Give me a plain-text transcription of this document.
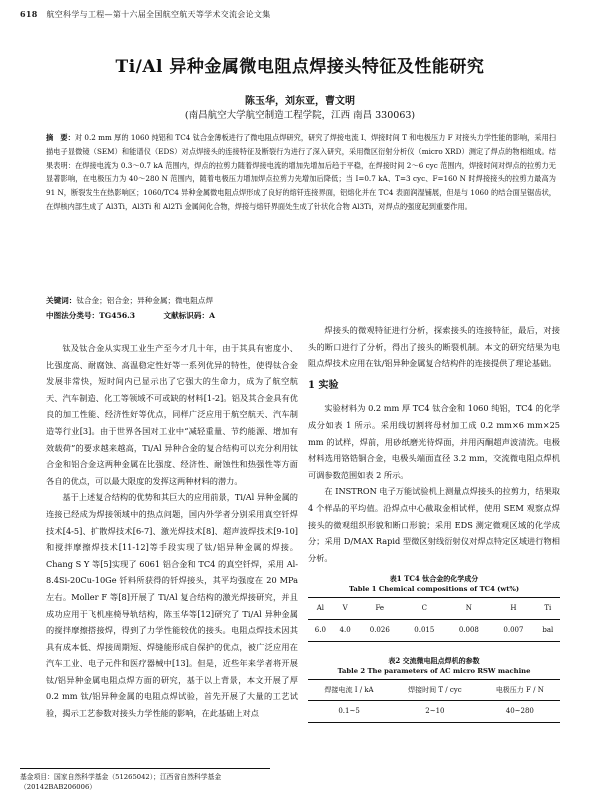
618 航空科学与工程—第十六届全国航空航天等学术交流会论文集
Ti/Al 异种金属微电阻点焊接头特征及性能研究
陈玉华，刘东亚，曹文明
(南昌航空大学航空制造工程学院，江西 南昌 330063)
摘　要：对 0.2 mm 厚的 1060 纯铝和 TC4 钛合金薄板进行了微电阻点焊研究，研究了焊接电流 I、焊接时间 T 和电极压力 F 对接头力学性能的影响，采用扫描电子显微镜（SEM）和能谱仪（EDS）对点焊接头的连接特征及断裂行为进行了深入研究，采用微区衍射分析仪（micro XRD）测定了焊点的物相组成。结果表明：在焊接电流为 0.3～0.7 kA 范围内，焊点的拉剪力随着焊接电流的增加先增加后趋于平稳，在焊接时间 2～6 cyc 范围内，焊接时间对焊点的拉剪力无显著影响，在电极压力为 40～280 N 范围内，随着电极压力增加焊点拉剪力先增加后降低；当 I=0.7 kA、T=3 cyc、F=160 N 时焊接接头的拉剪力最高为 91 N，断裂发生在热影响区；1060/TC4 异种金属微电阻点焊形成了良好的熔钎连接界面，铝熔化并在 TC4 表面润湿铺展，但是与 1060 的结合面呈锯齿状，在焊核内部生成了 Al3Ti，Al3Ti 和 Al2Ti 金属间化合物，焊接与熔钎界面处生成了针状化合物 Al3Ti，对焊点的强度起到重要作用。
关键词：钛合金；铝合金；异种金属；微电阻点焊
中图法分类号：TG456.3	文献标识码：A

钛及钛合金从实现工业生产至今才几十年，由于其具有密度小、比强度高、耐腐蚀、高温稳定性好等一系列优异的特性，使得钛合金发展非常快，短时间内已显示出了它强大的生命力，成为了航空航天、汽车制造、化工等领域不可或缺的材料[1-2]。铝及其合金具有优良的加工性能、经济性好等优点，同样广泛应用于航空航天、汽车制造等行业[3]。由于世界各国对工业中“减轻重量、节约能源、增加有效载荷”的要求越来越高，Ti/Al 异种合金的复合结构可以充分利用钛合金和铝合金这两种金属在比强度、经济性、耐蚀性和热强性等方面各自的优点，可以最大限度的发挥这两种材料的潜力。

基于上述复合结构的优势和其巨大的应用前景，Ti/Al 异种金属的连接已经成为焊接领域中的热点问题，国内外学者分别采用真空钎焊技术[4-5]、扩散焊技术[6-7]、激光焊技术[8]、超声波焊技术[9-10]和搅拌摩擦焊技术[11-12]等手段实现了钛/铝异种金属的焊接。Chang S Y 等[5]实现了 6061 铝合金和 TC4 的真空钎焊，采用 Al-8.4Si-20Cu-10Ge 钎料所获得的钎焊接头，其平均强度在 20 MPa 左右。Moller F 等[8]开展了 Ti/Al 复合结构的激光焊接研究，并且成功应用于飞机座椅导轨结构，陈玉华等[12]研究了 Ti/Al 异种金属的搅拌摩擦搭接焊，得到了力学性能较优的接头。电阻点焊技术因其具有成本低、焊接周期短、焊缝能形成自保护的优点，被广泛应用在汽车工业、电子元件和医疗器械中[13]。但是，近些年来学者将开展钛/铝异种金属电阻点焊方面的研究，基于以上背景，本文开展了厚 0.2 mm 钛/铝异种金属的电阻点焊试验，首先开展了大量的工艺试验，揭示工艺参数对接头力学性能的影响，在此基础上对点

焊接头的微观特征进行分析，探索接头的连接特征，最后，对接头的断口进行了分析，得出了接头的断裂机制。本文的研究结果为电阻点焊技术应用在钛/铝异种金属复合结构件的连接提供了理论基础。

1 实验

实验材料为 0.2 mm 厚 TC4 钛合金和 1060 纯铝，TC4 的化学成分如表 1 所示。采用线切割将母材加工成 0.2 mm×6 mm×25 mm 的试样，焊前，用砂纸磨光待焊面，并用丙酮超声波清洗。电极材料选用铬锆铜合金，电极头端面直径 3.2 mm，交流微电阻点焊机可调参数范围如表 2 所示。

在 INSTRON 电子万能试验机上测量点焊接头的拉剪力，结果取 4 个样品的平均值。沿焊点中心截取金相试样，使用 SEM 观察点焊接头的微观组织形貌和断口形貌；采用 EDS 测定微观区域的化学成分；采用 D/MAX Rapid 型微区射线衍射仪对焊点特定区域进行物相分析。

表1 TC4 钛合金的化学成分
Table 1 Chemical compositions of TC4 (wt%)
Al	V	Fe	C	N	H	Ti
6.0	4.0	0.026	0.015	0.008	0.007	bal
表2 交流微电阻点焊机的参数
Table 2 The parameters of AC micro RSW machine
焊接电流 I / kA	焊接时间 T / cyc	电极压力 F / N
0.1~5	2~10	40~280
基金项目：国家自然科学基金（51265042）；江西省自然科学基金（20142BAB206006）
